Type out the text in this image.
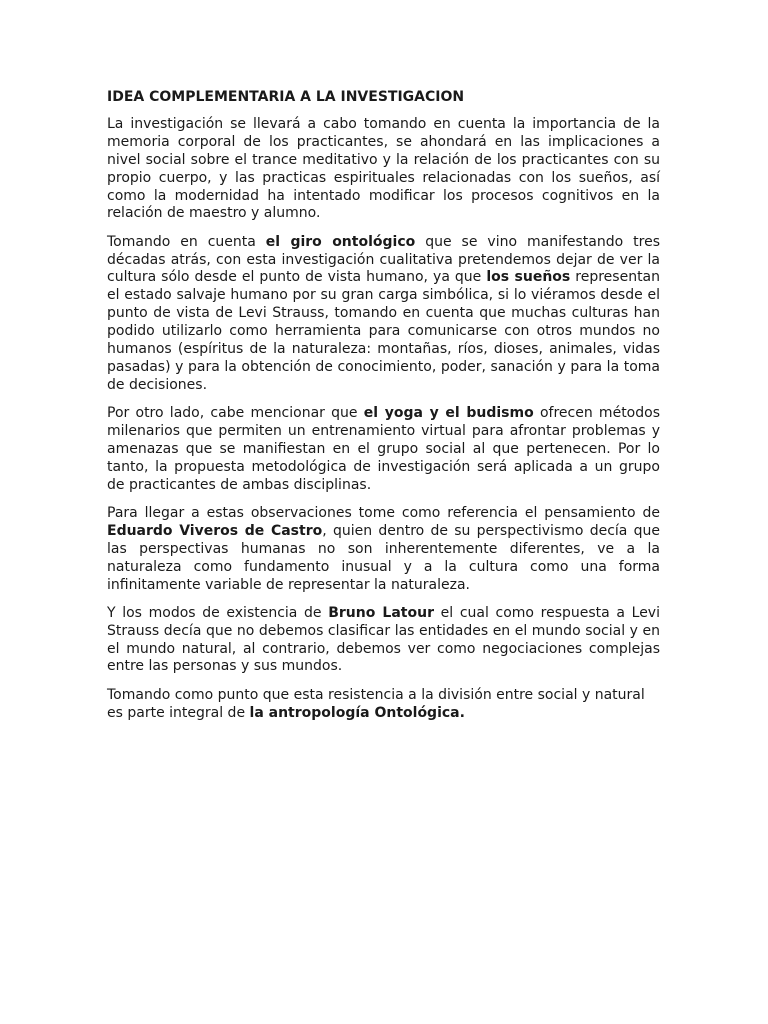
IDEA COMPLEMENTARIA A LA INVESTIGACION

La investigación se llevará a cabo tomando en cuenta la importancia de la memoria corporal de los practicantes, se ahondará en las implicaciones a nivel social sobre el trance meditativo y la relación de los practicantes con su propio cuerpo, y las practicas espirituales relacionadas con los sueños, así como la modernidad ha intentado modificar los procesos cognitivos en la relación de maestro y alumno.

Tomando en cuenta el giro ontológico que se vino manifestando tres décadas atrás, con esta investigación cualitativa pretendemos dejar de ver la cultura sólo desde el punto de vista humano, ya que los sueños representan el estado salvaje humano por su gran carga simbólica, si lo viéramos desde el punto de vista de Levi Strauss, tomando en cuenta que muchas culturas han podido utilizarlo como herramienta para comunicarse con otros mundos no humanos (espíritus de la naturaleza: montañas, ríos, dioses, animales, vidas pasadas) y para la obtención de conocimiento, poder, sanación y para la toma de decisiones.

Por otro lado, cabe mencionar que el yoga y el budismo ofrecen métodos milenarios que permiten un entrenamiento virtual para afrontar problemas y amenazas que se manifiestan en el grupo social al que pertenecen. Por lo tanto, la propuesta metodológica de investigación será aplicada a un grupo de practicantes de ambas disciplinas.

Para llegar a estas observaciones tome como referencia el pensamiento de Eduardo Viveros de Castro, quien dentro de su perspectivismo decía que las perspectivas humanas no son inherentemente diferentes, ve a la naturaleza como fundamento inusual y a la cultura como una forma infinitamente variable de representar la naturaleza.

Y los modos de existencia de Bruno Latour el cual como respuesta a Levi Strauss decía que no debemos clasificar las entidades en el mundo social y en el mundo natural, al contrario, debemos ver como negociaciones complejas entre las personas y sus mundos.

Tomando como punto que esta resistencia a la división entre social y natural es parte integral de la antropología Ontológica.
